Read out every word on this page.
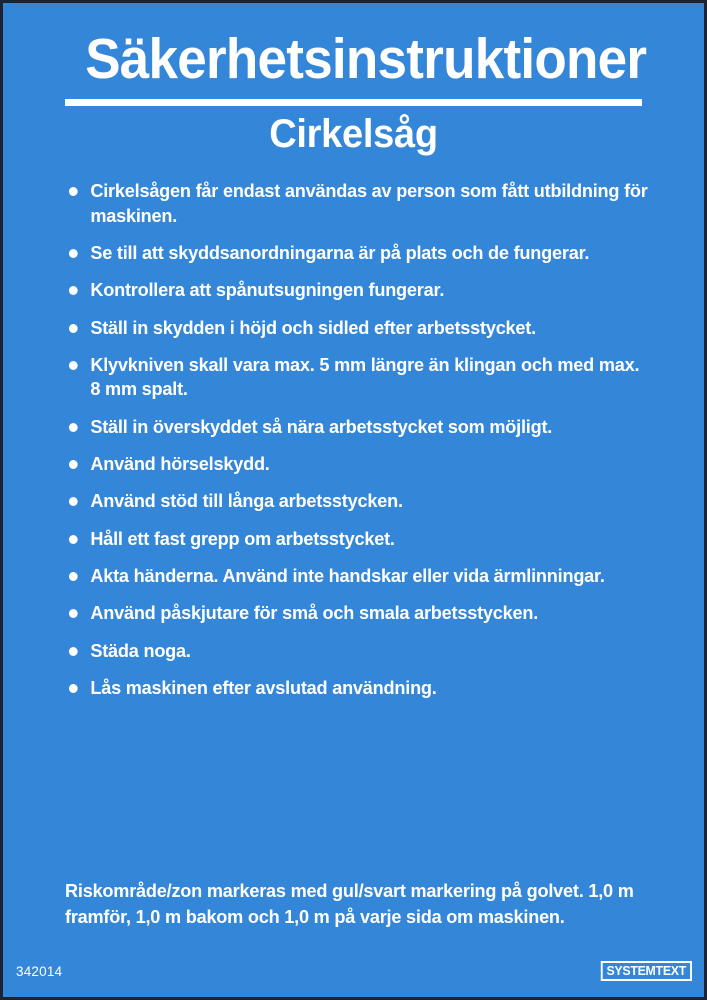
Säkerhetsinstruktioner
Cirkelsåg
Cirkelsågen får endast användas av person som fått utbildning för maskinen.
Se till att skyddsanordningarna är på plats och de fungerar.
Kontrollera att spånutsugningen fungerar.
Ställ in skydden i höjd och sidled efter arbetsstycket.
Klyvkniven skall vara max. 5 mm längre än klingan och med max. 8 mm spalt.
Ställ in överskyddet så nära arbetsstycket som möjligt.
Använd hörselskydd.
Använd stöd till långa arbetsstycken.
Håll ett fast grepp om arbetsstycket.
Akta händerna. Använd inte handskar eller vida ärmlinningar.
Använd påskjutare för små och smala arbetsstycken.
Städa noga.
Lås maskinen efter avslutad användning.

Riskområde/zon markeras med gul/svart markering på golvet. 1,0 m framför, 1,0 m bakom och 1,0 m på varje sida om maskinen.

342014	SYSTEMTEXT
